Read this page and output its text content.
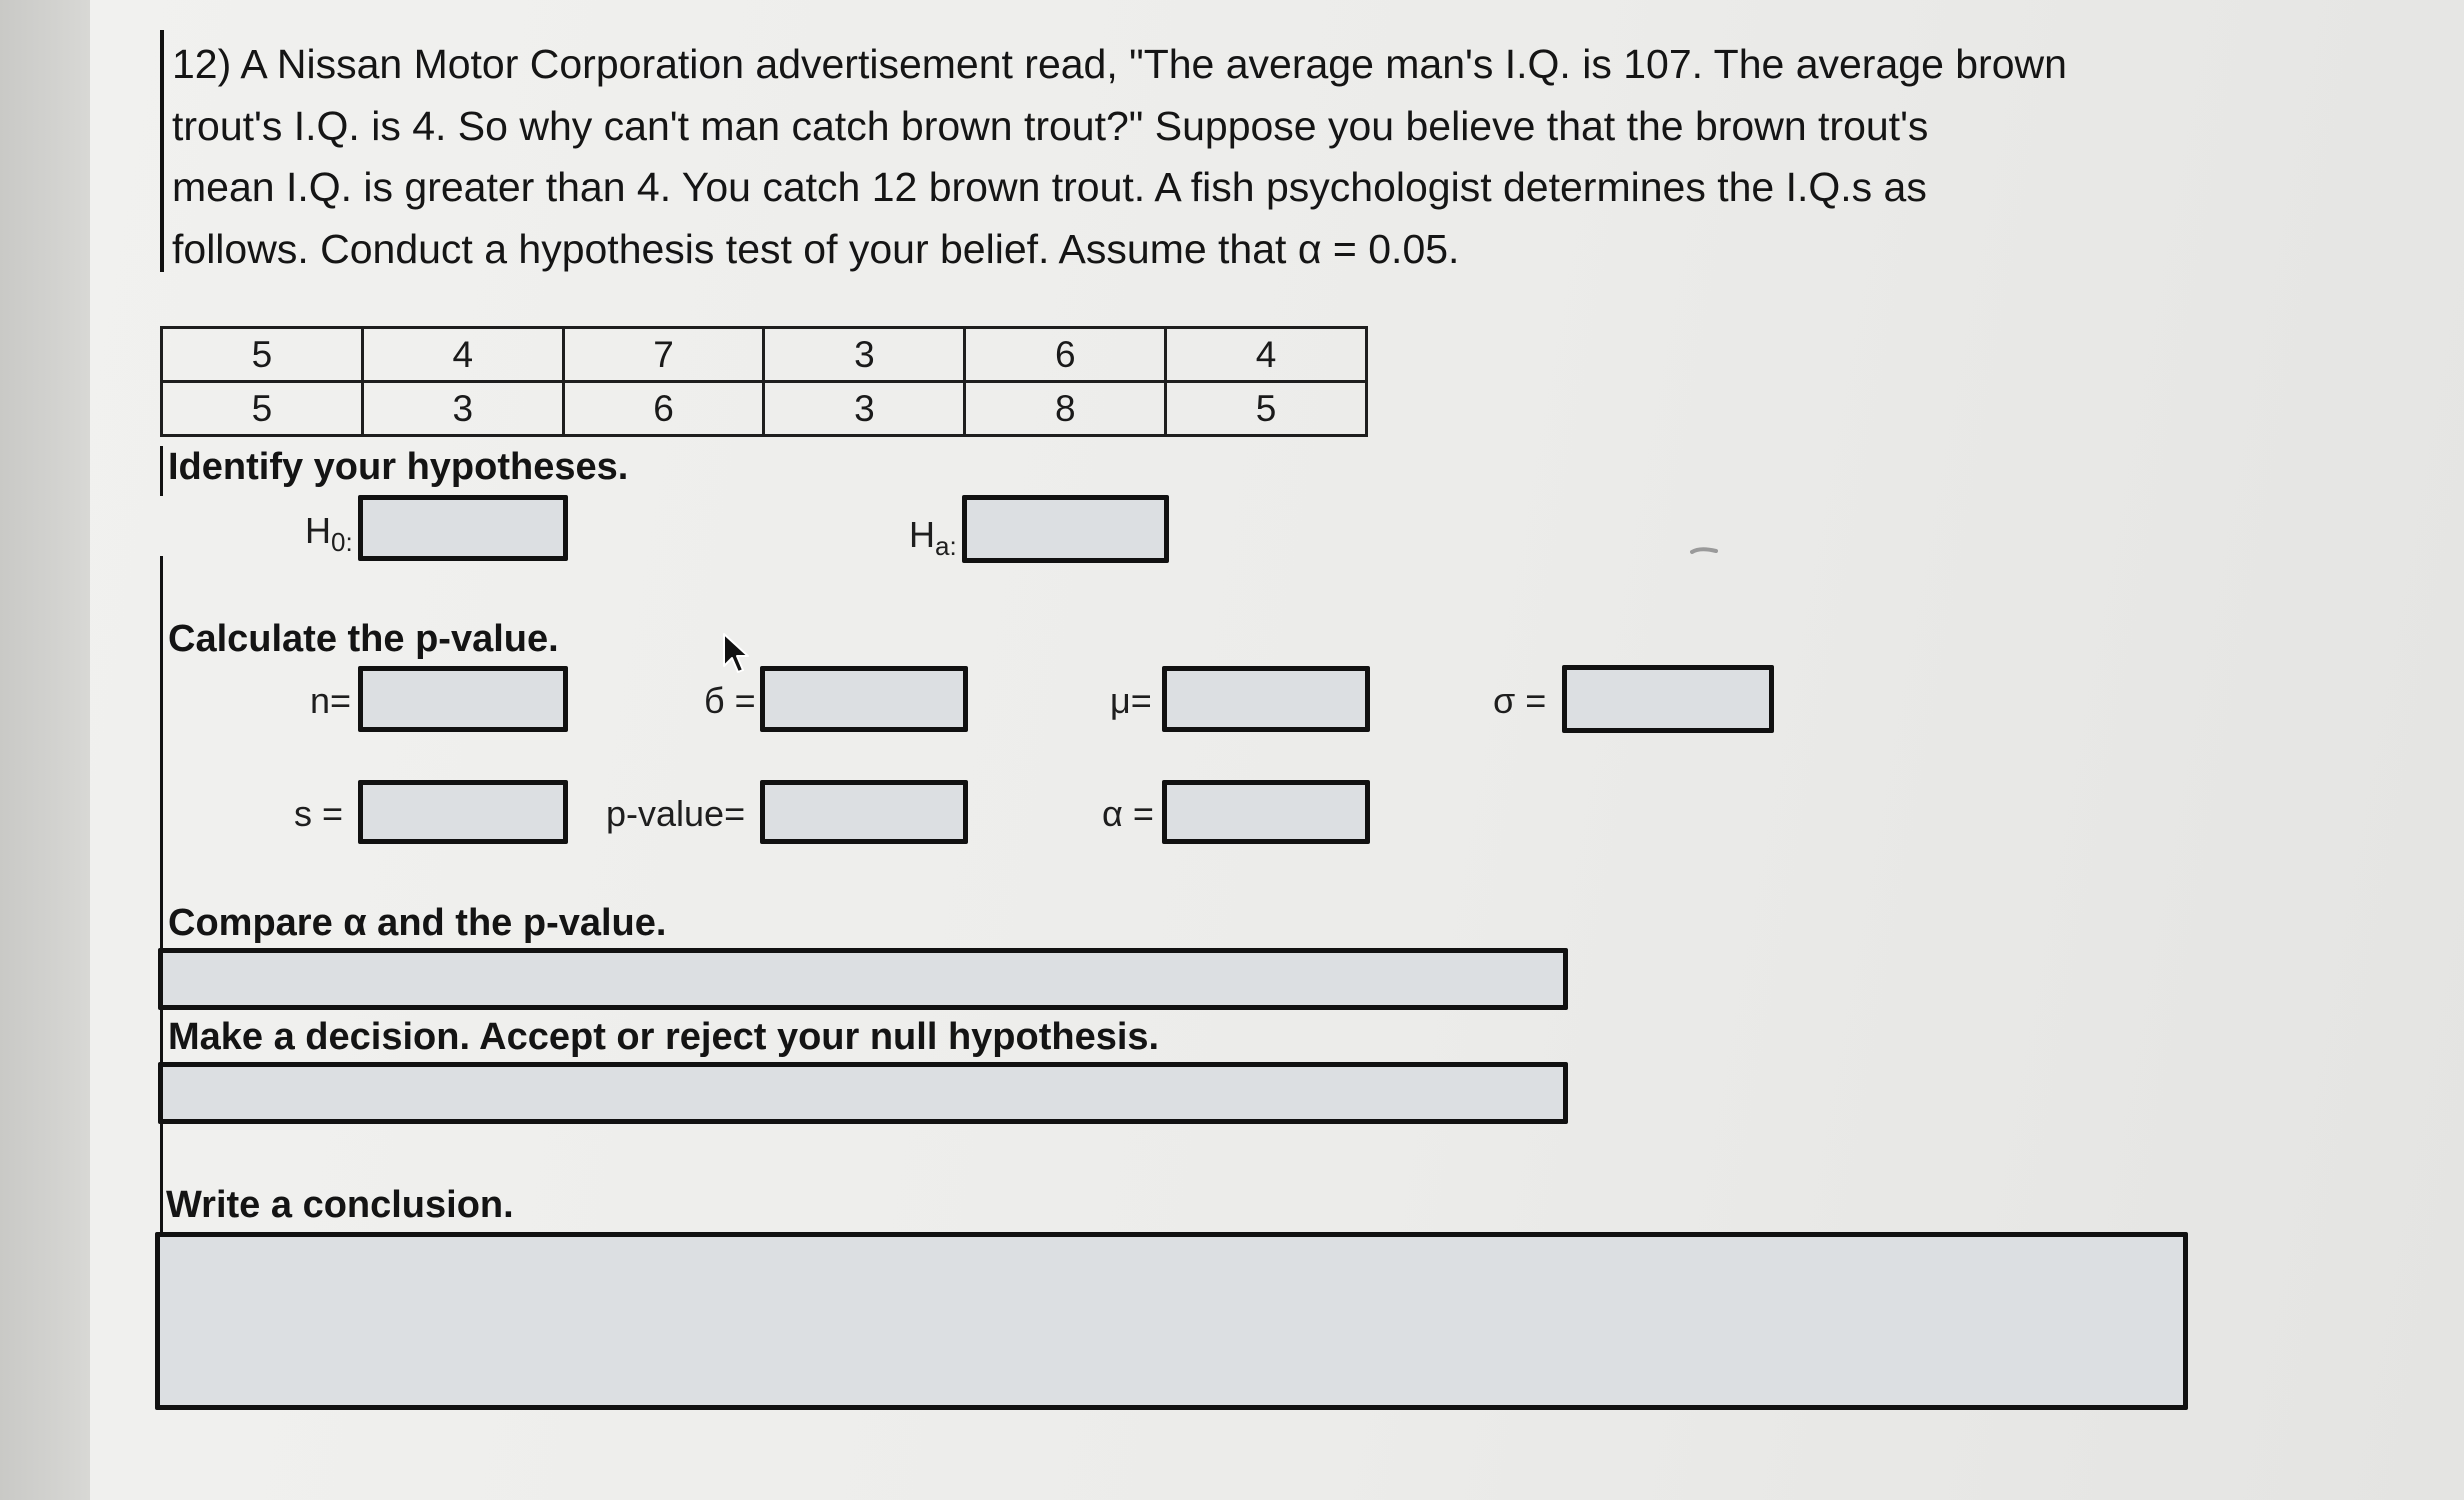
12) A Nissan Motor Corporation advertisement read, "The average man's I.Q. is 107. The average brown
trout's I.Q. is 4. So why can't man catch brown trout?" Suppose you believe that the brown trout's
mean I.Q. is greater than 4. You catch 12 brown trout. A fish psychologist determines the I.Q.s as
follows. Conduct a hypothesis test of your belief. Assume that α = 0.05.
5	4	7	3	6	4
5	3	6	3	8	5
Identify your hypotheses.
$H_{0:}$	$H_{a:}$
Calculate the p-value.
n=	б =	μ=	σ =
s =	p-value=	α =
Compare α and the p-value.
Make a decision. Accept or reject your null hypothesis.
Write a conclusion.
